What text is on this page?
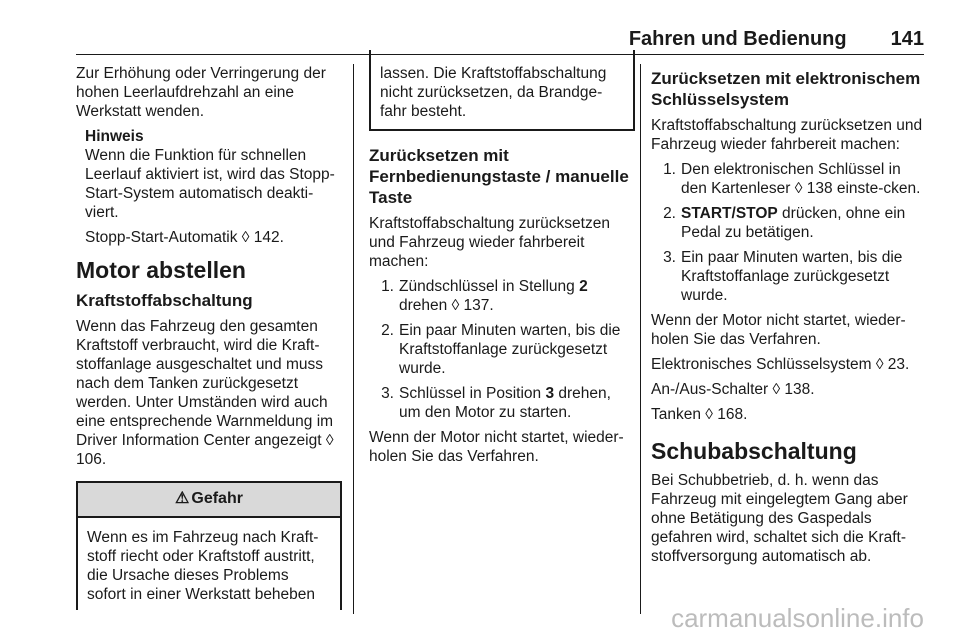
Fahren und Bedienung 141

Zur Erhöhung oder Verringerung der hohen Leerlaufdrehzahl an eine Werkstatt wenden.

Hinweis

Wenn die Funktion für schnellen Leerlauf aktiviert ist, wird das Stopp-Start-System automatisch deakti-viert.

Stopp-Start-Automatik ◊ 142.

Motor abstellen
Kraftstoffabschaltung

Wenn das Fahrzeug den gesamten Kraftstoff verbraucht, wird die Kraft-stoffanlage ausgeschaltet und muss nach dem Tanken zurückgesetzt werden. Unter Umständen wird auch eine entsprechende Warnmeldung im Driver Information Center angezeigt ◊ 106.

⚠ Gefahr
Wenn es im Fahrzeug nach Kraft-stoff riecht oder Kraftstoff austritt, die Ursache dieses Problems sofort in einer Werkstatt beheben
lassen. Die Kraftstoffabschaltung nicht zurücksetzen, da Brandge-fahr besteht.
Zurücksetzen mit Fernbedienungstaste / manuelle Taste

Kraftstoffabschaltung zurücksetzen und Fahrzeug wieder fahrbereit machen:

1. Zündschlüssel in Stellung 2 drehen ◊ 137.
2. Ein paar Minuten warten, bis die Kraftstoffanlage zurückgesetzt wurde.
3. Schlüssel in Position 3 drehen, um den Motor zu starten.

Wenn der Motor nicht startet, wieder-holen Sie das Verfahren.

Zurücksetzen mit elektronischem Schlüsselsystem

Kraftstoffabschaltung zurücksetzen und Fahrzeug wieder fahrbereit machen:

1. Den elektronischen Schlüssel in den Kartenleser ◊ 138 einste-cken.
2. START/STOP drücken, ohne ein Pedal zu betätigen.
3. Ein paar Minuten warten, bis die Kraftstoffanlage zurückgesetzt wurde.

Wenn der Motor nicht startet, wieder-holen Sie das Verfahren.

Elektronisches Schlüsselsystem ◊ 23.

An-/Aus-Schalter ◊ 138.

Tanken ◊ 168.

Schubabschaltung

Bei Schubbetrieb, d. h. wenn das Fahrzeug mit eingelegtem Gang aber ohne Betätigung des Gaspedals gefahren wird, schaltet sich die Kraft-stoffversorgung automatisch ab.

carmanualsonline.info
